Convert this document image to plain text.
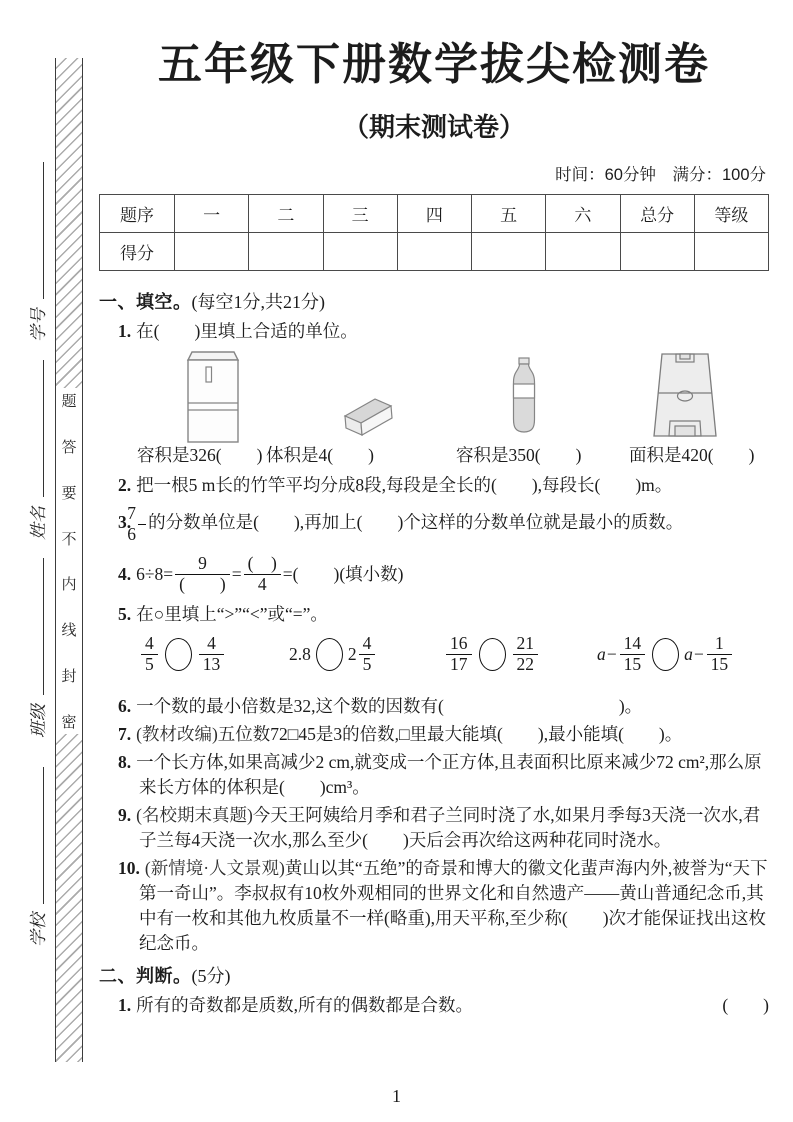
学号
姓名
班级
学校
题
答
要
不
内
线
封
密
五年级下册数学拔尖检测卷
（期末测试卷）
时间：60分钟　满分：100分
题序	一	二	三	四	五	六	总分	等级
得分								
一、填空。(每空1分,共21分)
1. 在(　　)里填上合适的单位。
容积是326(　　) 体积是4(　　)	容积是350(　　)	面积是420(　　)
2. 把一根5 m长的竹竿平均分成8段,每段是全长的(　　),每段长(　　)m。
3. $\frac{7}{6}$ 的分数单位是(　　),再加上(　　)个这样的分数单位就是最小的质数。
4. $6\div 8= \frac{9}{( )} = \frac{( )}{4}$ =(　　) (填小数)
5. 在○里填上“>”“<”或“=”。
$\frac{4}{5} \frac{4}{13}$	2.8 $2 \frac{4}{5}$	$\frac{16}{17} \frac{21}{22}$	$a- \frac{14}{15} a- \frac{1}{15}$
6. 一个数的最小倍数是32,这个数的因数有(　　　　　　　　　　)。
7. (教材改编)五位数72□45是3的倍数,□里最大能填(　　),最小能填(　　)。
8. 一个长方体,如果高减少2 cm,就变成一个正方体,且表面积比原来减少72 cm²,那么原来长方体的体积是(　　)cm³。
9. (名校期末真题)今天王阿姨给月季和君子兰同时浇了水,如果月季每3天浇一次水,君子兰每4天浇一次水,那么至少(　　)天后会再次给这两种花同时浇水。
10. (新情境·人文景观)黄山以其“五绝”的奇景和博大的徽文化蜚声海内外,被誉为“天下第一奇山”。李叔叔有10枚外观相同的世界文化和自然遗产——黄山普通纪念币,其中有一枚和其他九枚质量不一样(略重),用天平称,至少称(　　)次才能保证找出这枚纪念币。
二、判断。(5分)
1. 所有的奇数都是质数,所有的偶数都是合数。	(　　)
1
